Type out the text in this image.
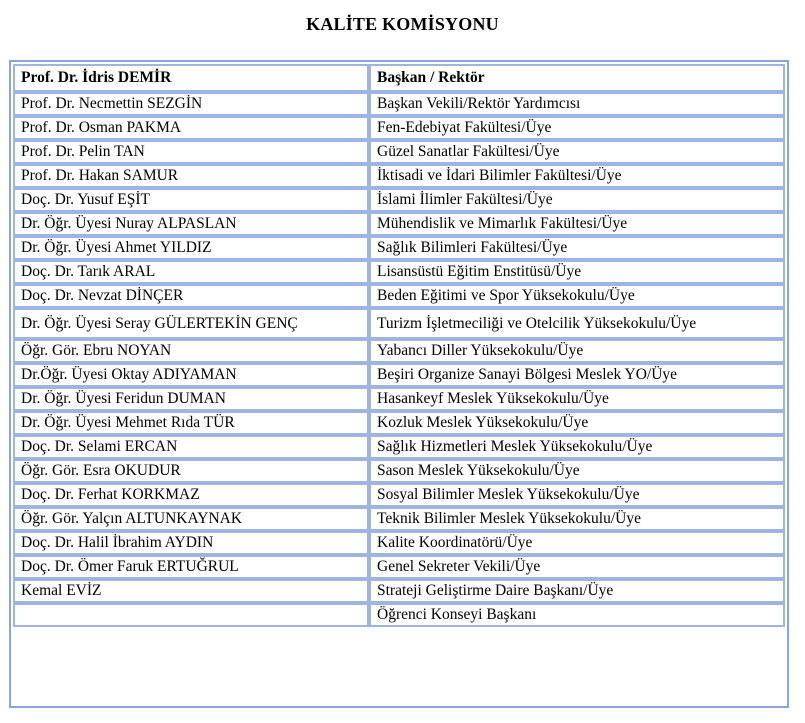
KALİTE KOMİSYONU
Prof. Dr. İdris DEMİR	Başkan / Rektör
Prof. Dr. Necmettin SEZGİN	Başkan Vekili/Rektör Yardımcısı
Prof. Dr. Osman PAKMA	Fen-Edebiyat Fakültesi/Üye
Prof. Dr. Pelin TAN	Güzel Sanatlar Fakültesi/Üye
Prof. Dr. Hakan SAMUR	İktisadi ve İdari Bilimler Fakültesi/Üye
Doç. Dr. Yusuf EŞİT	İslami İlimler Fakültesi/Üye
Dr. Öğr. Üyesi Nuray ALPASLAN	Mühendislik ve Mimarlık Fakültesi/Üye
Dr. Öğr. Üyesi Ahmet YILDIZ	Sağlık Bilimleri Fakültesi/Üye
Doç. Dr. Tarık ARAL	Lisansüstü Eğitim Enstitüsü/Üye
Doç. Dr. Nevzat DİNÇER	Beden Eğitimi ve Spor Yüksekokulu/Üye
Dr. Öğr. Üyesi Seray GÜLERTEKİN GENÇ	Turizm İşletmeciliği ve Otelcilik Yüksekokulu/Üye
Öğr. Gör. Ebru NOYAN	Yabancı Diller Yüksekokulu/Üye
Dr.Öğr. Üyesi Oktay ADIYAMAN	Beşiri Organize Sanayi Bölgesi Meslek YO/Üye
Dr. Öğr. Üyesi Feridun DUMAN	Hasankeyf Meslek Yüksekokulu/Üye
Dr. Öğr. Üyesi Mehmet Rıda TÜR	Kozluk Meslek Yüksekokulu/Üye
Doç. Dr. Selami ERCAN	Sağlık Hizmetleri Meslek Yüksekokulu/Üye
Öğr. Gör. Esra OKUDUR	Sason Meslek Yüksekokulu/Üye
Doç. Dr. Ferhat KORKMAZ	Sosyal Bilimler Meslek Yüksekokulu/Üye
Öğr. Gör. Yalçın ALTUNKAYNAK	Teknik Bilimler Meslek Yüksekokulu/Üye
Doç. Dr. Halil İbrahim AYDIN	Kalite Koordinatörü/Üye
Doç. Dr. Ömer Faruk ERTUĞRUL	Genel Sekreter Vekili/Üye
Kemal EVİZ	Strateji Geliştirme Daire Başkanı/Üye
	Öğrenci Konseyi Başkanı
